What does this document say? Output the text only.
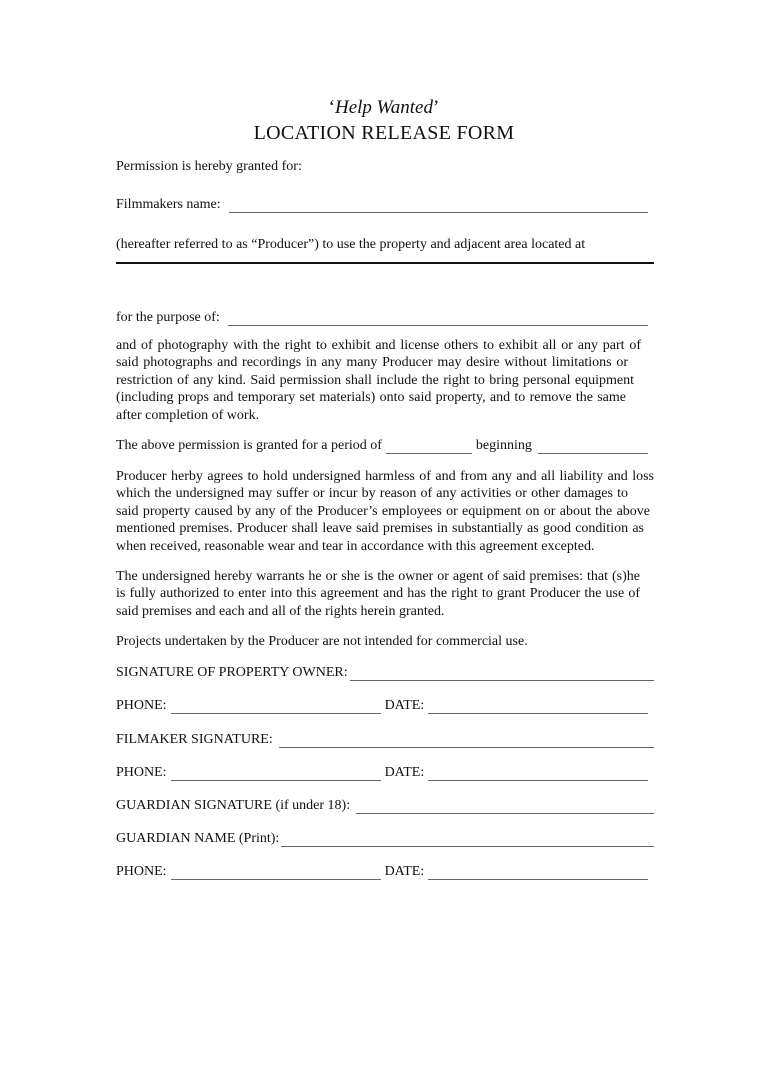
‘Help Wanted’
LOCATION RELEASE FORM
Permission is hereby granted for:
Filmmakers name:
(hereafter referred to as “Producer”) to use the property and adjacent area located at
for the purpose of:
and of photography with the right to exhibit and license others to exhibit all or any part of
said photographs and recordings in any many Producer may desire without limitations or
restriction of any kind. Said permission shall include the right to bring personal equipment
(including props and temporary set materials) onto said property, and to remove the same
after completion of work.
The above permission is granted for a period of	beginning
Producer herby agrees to hold undersigned harmless of and from any and all liability and loss
which the undersigned may suffer or incur by reason of any activities or other damages to
said property caused by any of the Producer’s employees or equipment on or about the above
mentioned premises. Producer shall leave said premises in substantially as good condition as
when received, reasonable wear and tear in accordance with this agreement excepted.
The undersigned hereby warrants he or she is the owner or agent of said premises: that (s)he
is fully authorized to enter into this agreement and has the right to grant Producer the use of
said premises and each and all of the rights herein granted.
Projects undertaken by the Producer are not intended for commercial use.
SIGNATURE OF PROPERTY OWNER:
PHONE:	DATE:
FILMAKER SIGNATURE:
PHONE:	DATE:
GUARDIAN SIGNATURE (if under 18):
GUARDIAN NAME (Print):
PHONE:	DATE:
